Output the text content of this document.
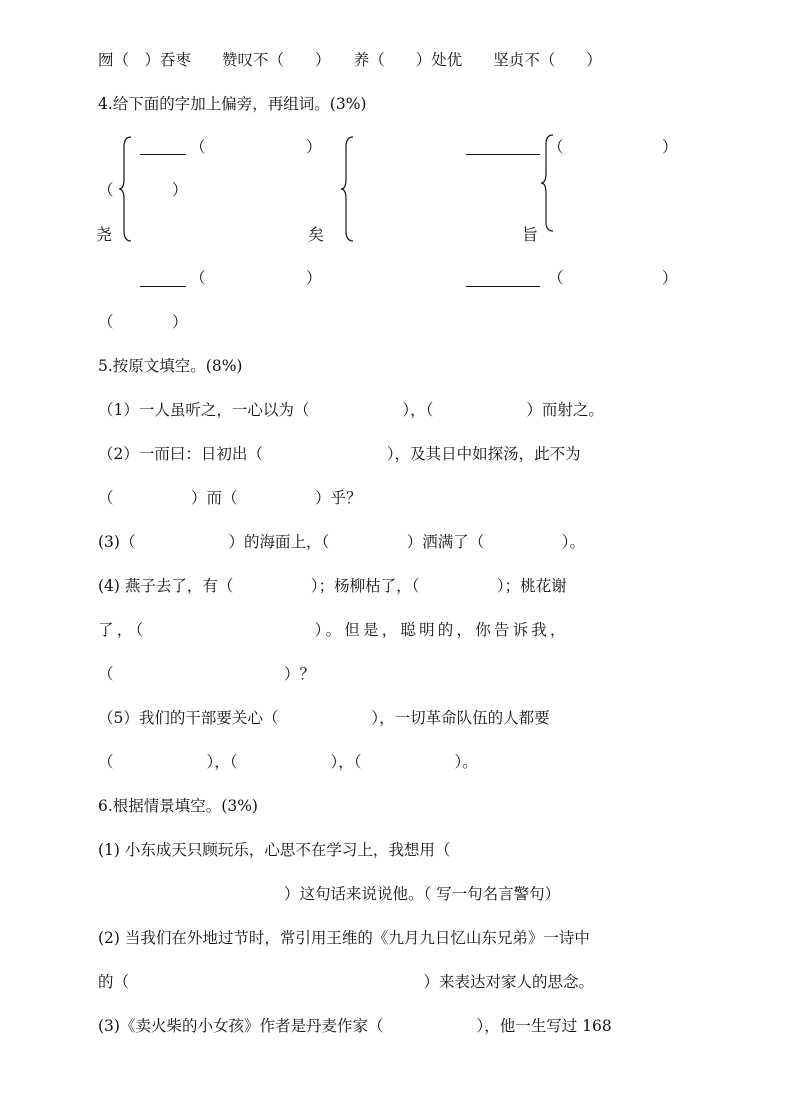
囫（　）吞枣　　赞叹不（　　）　　养（　　）处优　　坚贞不（　　）
4.给下面的字加上偏旁，再组词。(3%)
（	）
（	）
尧
（	）
（	）
矣
（	）
旨
（	）
5.按原文填空。(8%)
（1）一人虽听之，一心以为（　　　　　　），（　　　　　　）而射之。
（2）一而曰：日初出（　　　　　　　　），及其日中如探汤，此不为
（　　　　　）而（　　　　　）乎？
(3)（　　　　　　）的海面上，（　　　　　）洒满了（　　　　　）。
(4) 燕子去了，有（　　　　　）；杨柳枯了，（　　　　　）；桃花谢
了，（　　　　　　　　　）。但是，聪明的，你告诉我，
（　　　　　　　　　　　）？
（5）我们的干部要关心（　　　　　　），一切革命队伍的人都要
（　　　　　　），（　　　　　　），（　　　　　　）。
6.根据情景填空。(3%)
(1) 小东成天只顾玩乐，心思不在学习上，我想用（
）这句话来说说他。（ 写一句名言警句）
(2) 当我们在外地过节时，常引用王维的《九月九日忆山东兄弟》一诗中
的（　　　　　　　　　　　　　　　　　　　）来表达对家人的思念。
(3)《卖火柴的小女孩》作者是丹麦作家（　　　　　　），他一生写过 168
